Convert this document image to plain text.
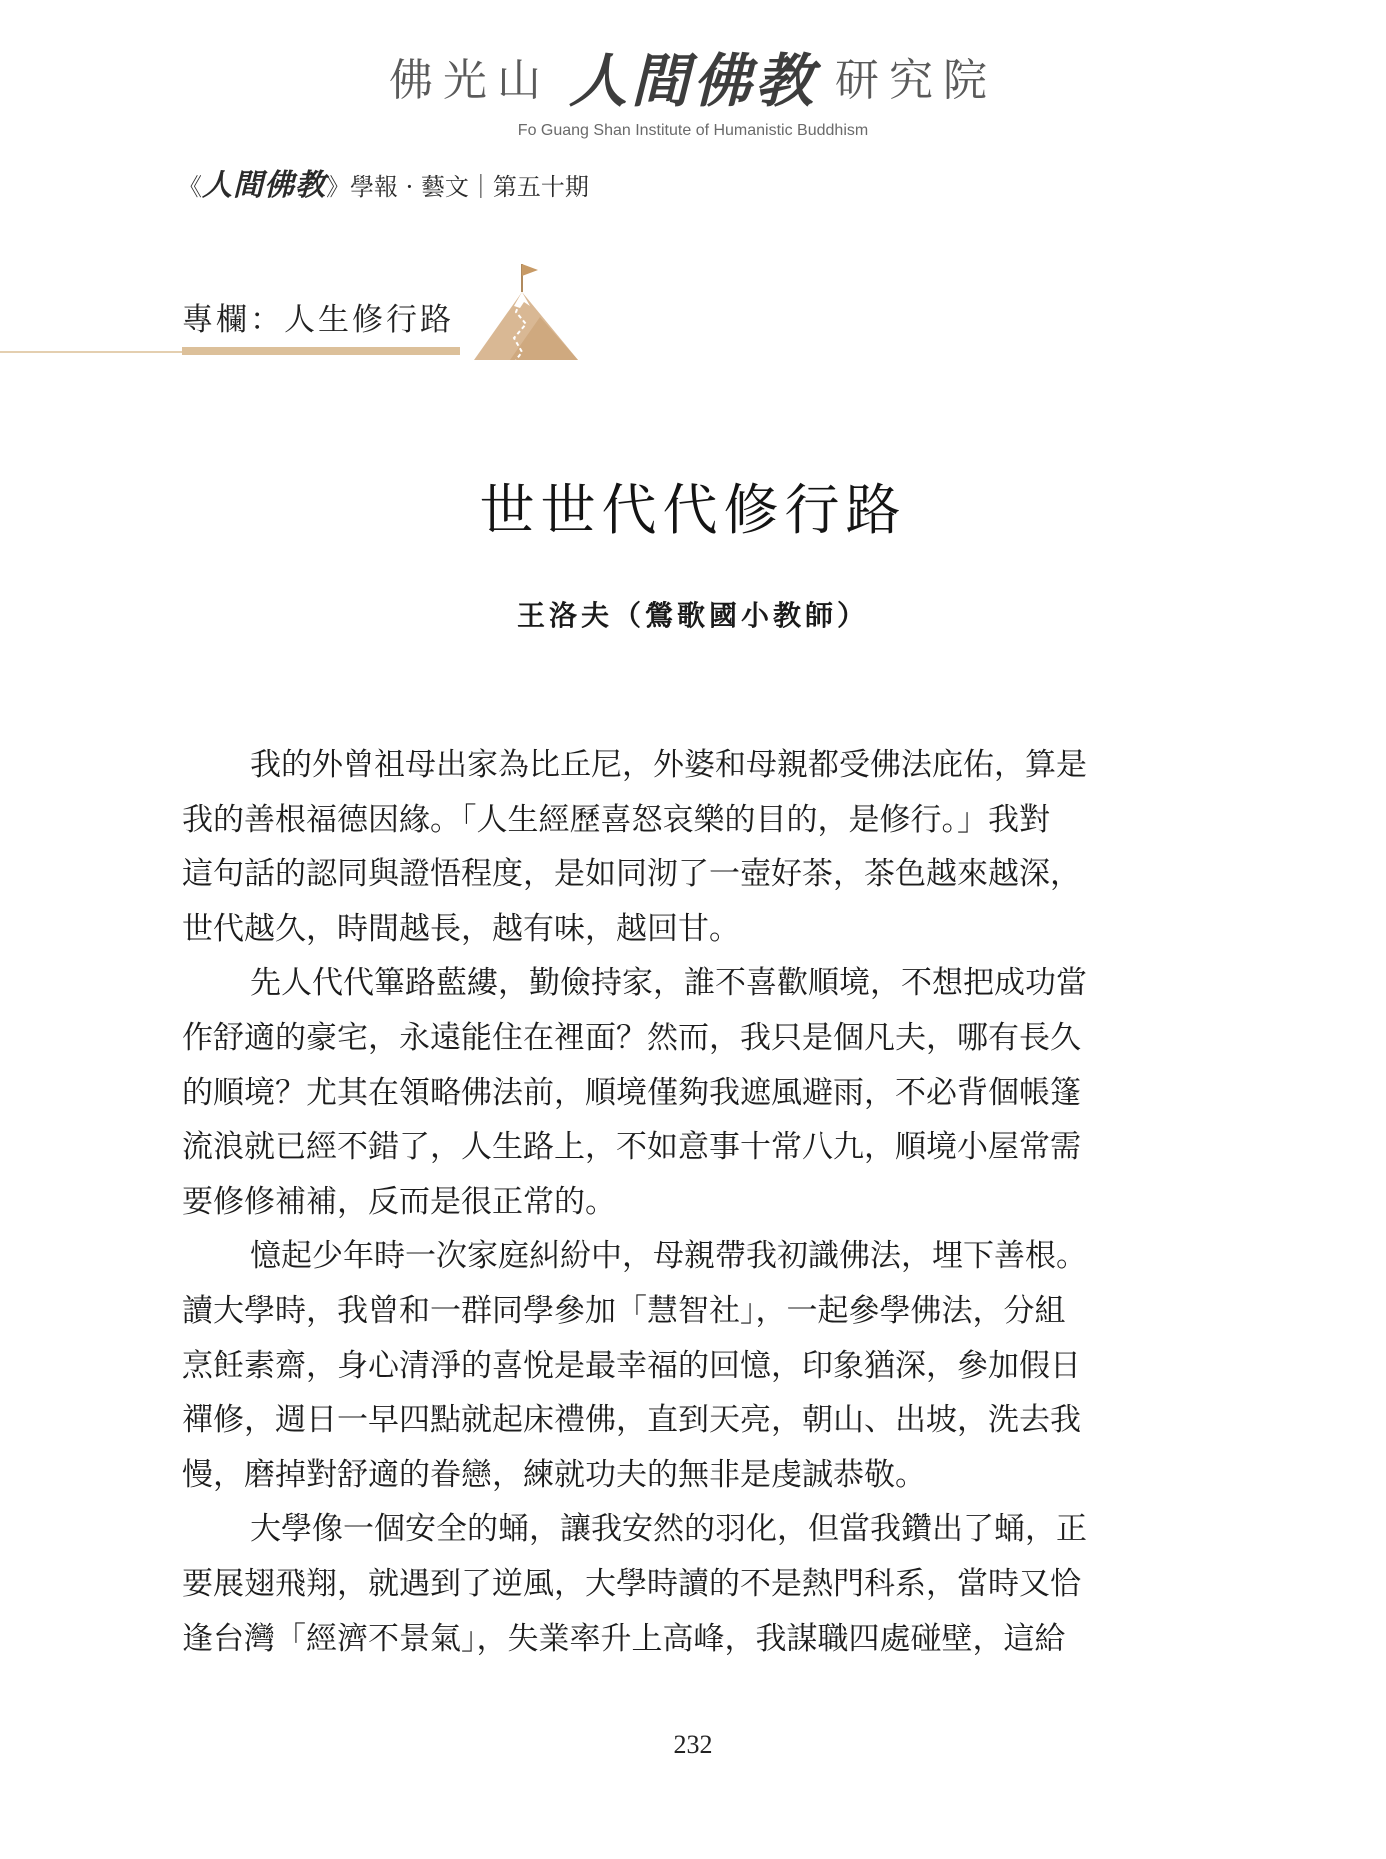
佛光山 人間佛教 研究院
Fo Guang Shan Institute of Humanistic Buddhism
《人間佛教》學報 · 藝文｜第五十期
專欄：人生修行路
世世代代修行路
王洛夫（鶯歌國小教師）
我的外曾祖母出家為比丘尼，外婆和母親都受佛法庇佑，算是
我的善根福德因緣。「人生經歷喜怒哀樂的目的，是修行。」我對
這句話的認同與證悟程度，是如同沏了一壺好茶，茶色越來越深，
世代越久，時間越長，越有味，越回甘。
先人代代篳路藍縷，勤儉持家，誰不喜歡順境，不想把成功當
作舒適的豪宅，永遠能住在裡面？然而，我只是個凡夫，哪有長久
的順境？尤其在領略佛法前，順境僅夠我遮風避雨，不必背個帳篷
流浪就已經不錯了，人生路上，不如意事十常八九，順境小屋常需
要修修補補，反而是很正常的。
憶起少年時一次家庭糾紛中，母親帶我初識佛法，埋下善根。
讀大學時，我曾和一群同學參加「慧智社」，一起參學佛法，分組
烹飪素齋，身心清淨的喜悅是最幸福的回憶，印象猶深，參加假日
禪修，週日一早四點就起床禮佛，直到天亮，朝山、出坡，洗去我
慢，磨掉對舒適的眷戀，練就功夫的無非是虔誠恭敬。
大學像一個安全的蛹，讓我安然的羽化，但當我鑽出了蛹，正
要展翅飛翔，就遇到了逆風，大學時讀的不是熱門科系，當時又恰
逢台灣「經濟不景氣」，失業率升上高峰，我謀職四處碰壁，這給
232
